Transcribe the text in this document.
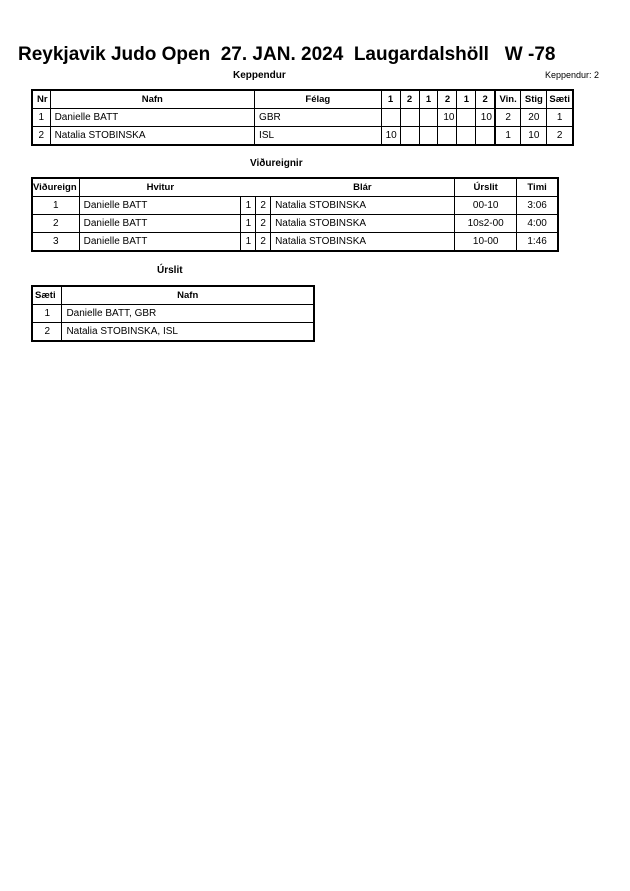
Reykjavik Judo Open  27. JAN. 2024  Laugardalshöll   W -78
Keppendur	Keppendur: 2
Nr	Nafn	Félag	1	2	1	2	1	2	Vin.	Stig	Sæti
1	Danielle BATT	GBR				10		10	2	20	1
2	Natalia STOBINSKA	ISL	10						1	10	2
Viðureignir
Viðureign	Hvitur			Blár	Úrslit	Timi
1	Danielle BATT	1	2	Natalia STOBINSKA	00-10	3:06
2	Danielle BATT	1	2	Natalia STOBINSKA	10s2-00	4:00
3	Danielle BATT	1	2	Natalia STOBINSKA	10-00	1:46
Úrslit
Sæti	Nafn
1	Danielle BATT, GBR
2	Natalia STOBINSKA, ISL
